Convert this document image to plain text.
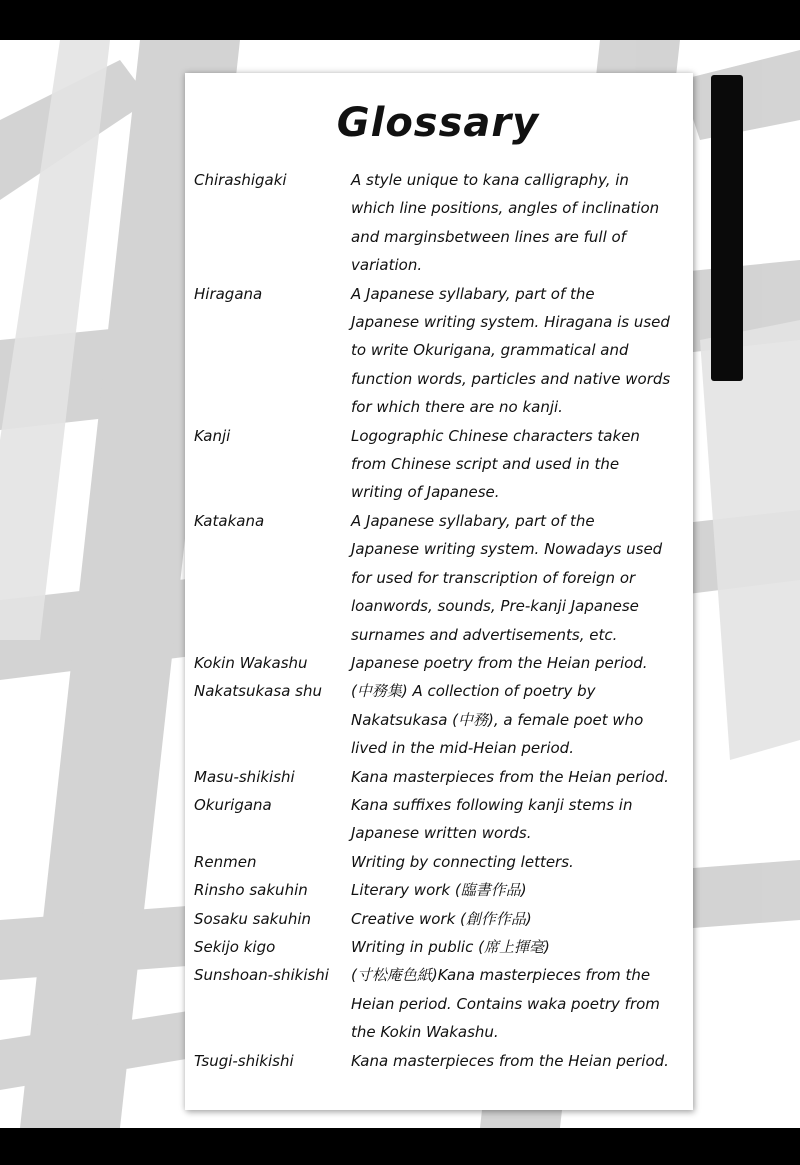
Glossary
Chirashigaki	A style unique to kana calligraphy, in
which line positions, angles of inclination
and marginsbetween lines are full of
variation.
Hiragana	A Japanese syllabary, part of the
Japanese writing system. Hiragana is used
to write Okurigana, grammatical and
function words, particles and native words
for which there are no kanji.
Kanji	Logographic Chinese characters taken
from Chinese script and used in the
writing of Japanese.
Katakana	A Japanese syllabary, part of the
Japanese writing system. Nowadays used
for used for transcription of foreign or
loanwords, sounds, Pre-kanji Japanese
surnames and advertisements, etc.
Kokin Wakashu	Japanese poetry from the Heian period.
Nakatsukasa shu	(中務集) A collection of poetry by
Nakatsukasa (中務), a female poet who
lived in the mid-Heian period.
Masu-shikishi	Kana masterpieces from the Heian period.
Okurigana	Kana suffixes following kanji stems in
Japanese written words.
Renmen	Writing by connecting letters.
Rinsho sakuhin	Literary work (臨書作品)
Sosaku sakuhin	Creative work (創作作品)
Sekijo kigo	Writing in public (席上揮毫)
Sunshoan-shikishi	(寸松庵色紙)Kana masterpieces from the
Heian period. Contains waka poetry from
the Kokin Wakashu.
Tsugi-shikishi	Kana masterpieces from the Heian period.
